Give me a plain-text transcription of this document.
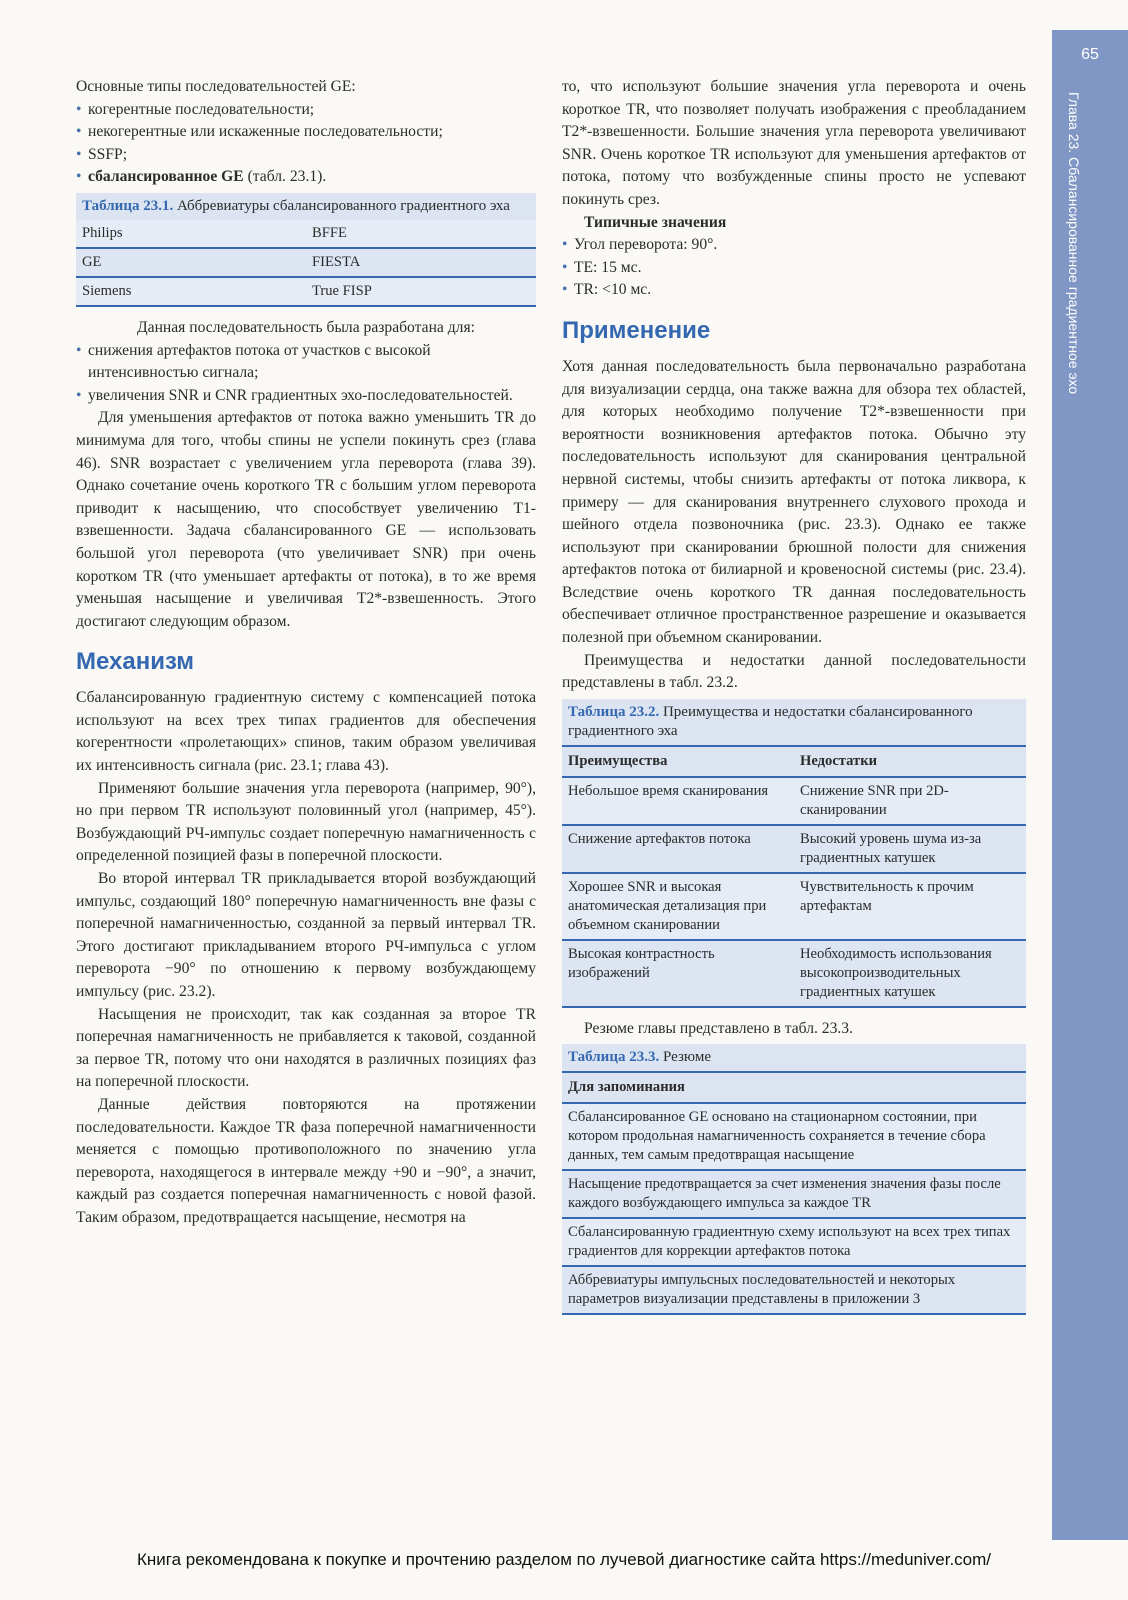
65
Глава 23. Сбалансированное градиентное эхо

Основные типы последовательностей GE:

• когерентные последовательности;
• некогерентные или искаженные последовательности;
• SSFP;
• сбалансированное GE (табл. 23.1).
Таблица 23.1. Аббревиатуры сбалансированного градиентного эха
Philips	BFFE
GE	FIESTA
Siemens	True FISP

Данная последовательность была разработана для:

• снижения артефактов потока от участков с высокой интенсивностью сигнала;
• увеличения SNR и CNR градиентных эхо-последовательностей.

Для уменьшения артефактов от потока важно уменьшить TR до минимума для того, чтобы спины не успели покинуть срез (глава 46). SNR возрастает с увеличением угла переворота (глава 39). Однако сочетание очень короткого TR с большим углом переворота приводит к насыщению, что способствует увеличению T1-взвешенности. Задача сбалансированного GE — использовать большой угол переворота (что увеличивает SNR) при очень коротком TR (что уменьшает артефакты от потока), в то же время уменьшая насыщение и увеличивая T2*-взвешенность. Этого достигают следующим образом.

Механизм

Сбалансированную градиентную систему с компенсацией потока используют на всех трех типах градиентов для обеспечения когерентности «пролетающих» спинов, таким образом увеличивая их интенсивность сигнала (рис. 23.1; глава 43).

Применяют большие значения угла переворота (например, 90°), но при первом TR используют половинный угол (например, 45°). Возбуждающий РЧ-импульс создает поперечную намагниченность с определенной позицией фазы в поперечной плоскости.

Во второй интервал TR прикладывается второй возбуждающий импульс, создающий 180° поперечную намагниченность вне фазы с поперечной намагниченностью, созданной за первый интервал TR. Этого достигают прикладыванием второго РЧ-импульса с углом переворота −90° по отношению к первому возбуждающему импульсу (рис. 23.2).

Насыщения не происходит, так как созданная за второе TR поперечная намагниченность не прибавляется к таковой, созданной за первое TR, потому что они находятся в различных позициях фаз на поперечной плоскости.

Данные действия повторяются на протяжении последовательности. Каждое TR фаза поперечной намагниченности меняется с помощью противоположного по значению угла переворота, находящегося в интервале между +90 и −90°, а значит, каждый раз создается поперечная намагниченность с новой фазой. Таким образом, предотвращается насыщение, несмотря на

то, что используют большие значения угла переворота и очень короткое TR, что позволяет получать изображения с преобладанием T2*-взвешенности. Большие значения угла переворота увеличивают SNR. Очень короткое TR используют для уменьшения артефактов от потока, потому что возбужденные спины просто не успевают покинуть срез.

Типичные значения

• Угол переворота: 90°.
• TE: 15 мс.
• TR: <10 мс.
Применение

Хотя данная последовательность была первоначально разработана для визуализации сердца, она также важна для обзора тех областей, для которых необходимо получение T2*-взвешенности при вероятности возникновения артефактов потока. Обычно эту последовательность используют для сканирования центральной нервной системы, чтобы снизить артефакты от потока ликвора, к примеру — для сканирования внутреннего слухового прохода и шейного отдела позвоночника (рис. 23.3). Однако ее также используют при сканировании брюшной полости для снижения артефактов потока от билиарной и кровеносной системы (рис. 23.4). Вследствие очень короткого TR данная последовательность обеспечивает отличное пространственное разрешение и оказывается полезной при объемном сканировании.

Преимущества и недостатки данной последовательности представлены в табл. 23.2.

Таблица 23.2. Преимущества и недостатки сбалансированного градиентного эха
Преимущества	Недостатки
Небольшое время сканирования	Снижение SNR при 2D-сканировании
Снижение артефактов потока	Высокий уровень шума из-за градиентных катушек
Хорошее SNR и высокая анатомическая детализация при объемном сканировании	Чувствительность к прочим артефактам
Высокая контрастность изображений	Необходимость использования высокопроизводительных градиентных катушек

Резюме главы представлено в табл. 23.3.

Таблица 23.3. Резюме
Для запоминания
Сбалансированное GE основано на стационарном состоянии, при котором продольная намагниченность сохраняется в течение сбора данных, тем самым предотвращая насыщение
Насыщение предотвращается за счет изменения значения фазы после каждого возбуждающего импульса за каждое TR
Сбалансированную градиентную схему используют на всех трех типах градиентов для коррекции артефактов потока
Аббревиатуры импульсных последовательностей и некоторых параметров визуализации представлены в приложении 3
Книга рекомендована к покупке и прочтению разделом по лучевой диагностике сайта https://meduniver.com/
